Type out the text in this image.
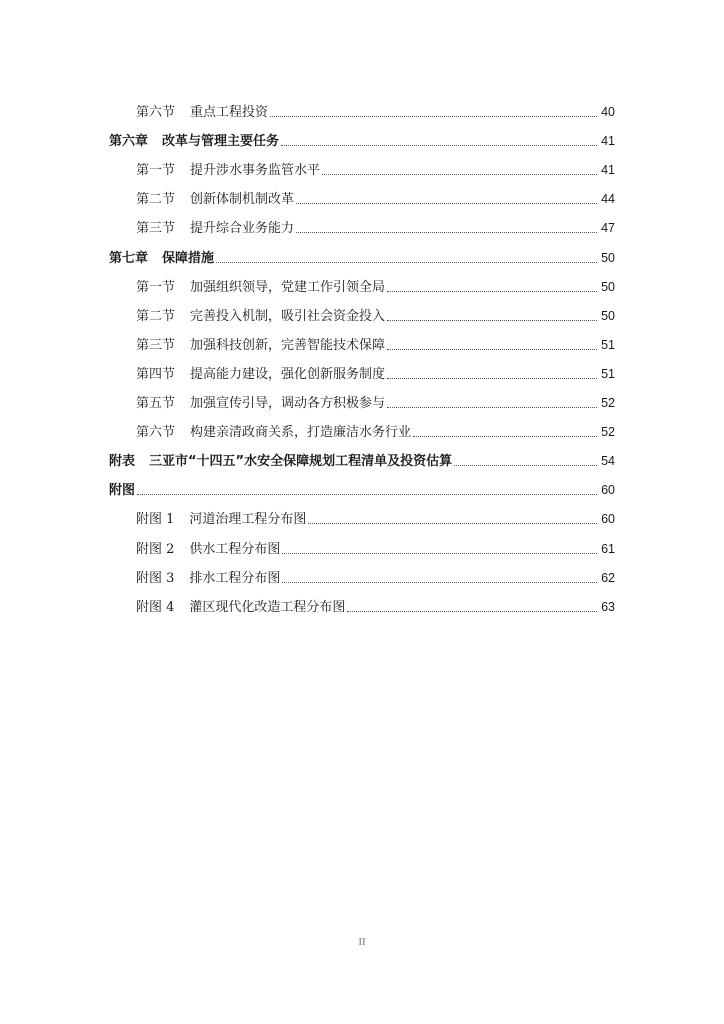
第六节 重点工程投资	40
第六章 改革与管理主要任务	41
第一节 提升涉水事务监管水平	41
第二节 创新体制机制改革	44
第三节 提升综合业务能力	47
第七章 保障措施	50
第一节 加强组织领导，党建工作引领全局	50
第二节 完善投入机制，吸引社会资金投入	50
第三节 加强科技创新，完善智能技术保障	51
第四节 提高能力建设，强化创新服务制度	51
第五节 加强宣传引导，调动各方积极参与	52
第六节 构建亲清政商关系，打造廉洁水务行业	52
附表 三亚市“十四五”水安全保障规划工程清单及投资估算	54
附图	60
附图 1 河道治理工程分布图	60
附图 2 供水工程分布图	61
附图 3 排水工程分布图	62
附图 4 灌区现代化改造工程分布图	63
II
